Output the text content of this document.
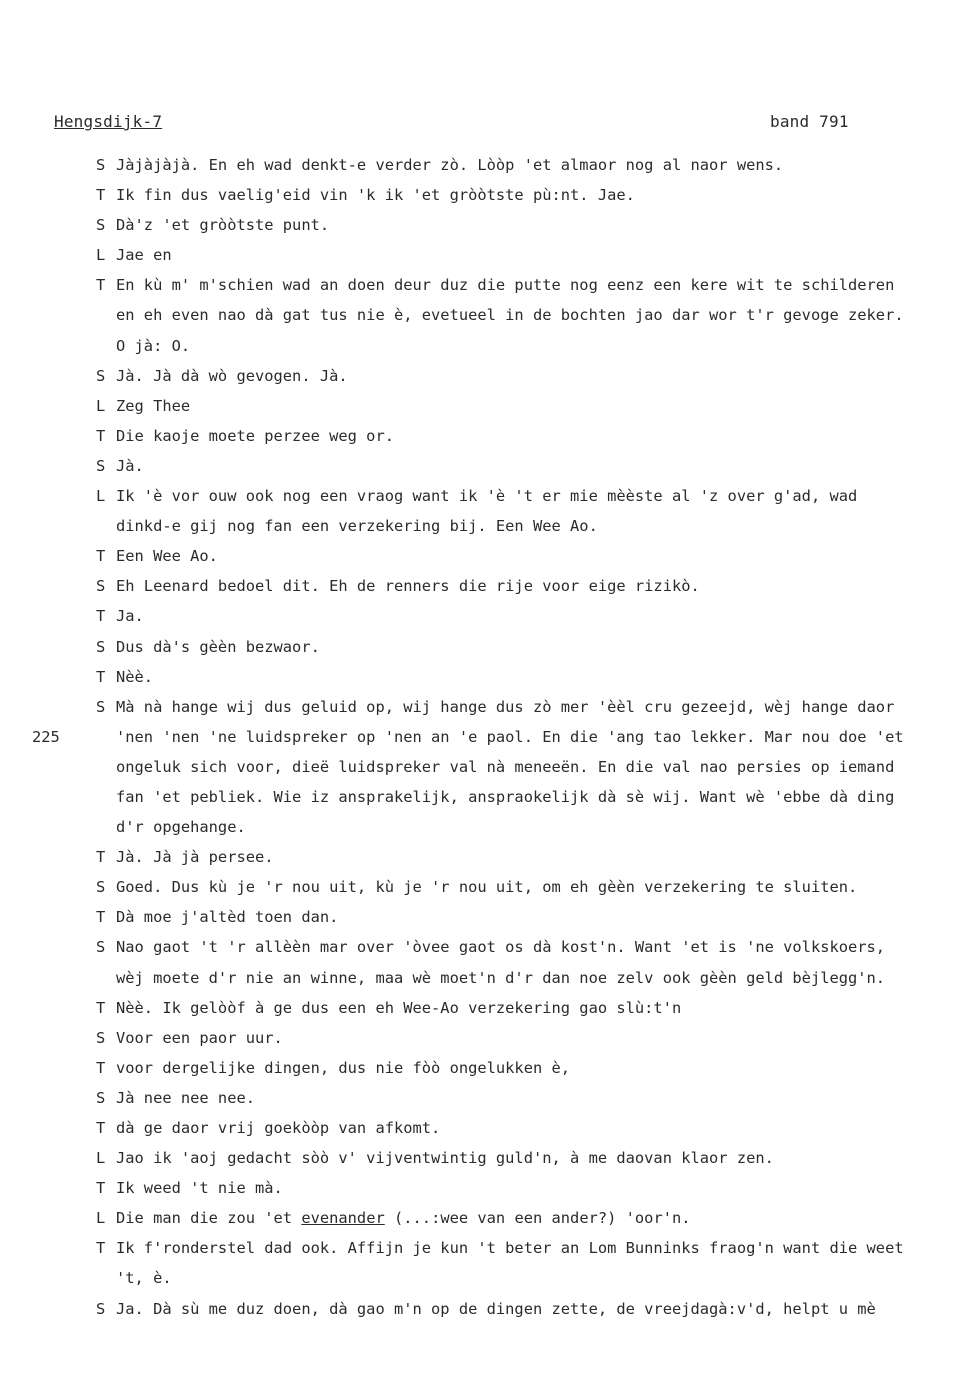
Hengsdijk-7	band 791
225
S Jàjàjàjà. En eh wad denkt-e verder zò. Lòòp 'et almaor nog al naor wens.
T Ik fin dus vaelig'eid vin 'k ik 'et gròòtste pù:nt. Jae.
S Dà'z 'et gròòtste punt.
L Jae en
T En kù m' m'schien wad an doen deur duz die putte nog eenz een kere wit te schilderen
en eh even nao dà gat tus nie è, evetueel in de bochten jao dar wor t'r gevoge zeker.
O jà: O.
S Jà. Jà dà wò gevogen. Jà.
L Zeg Thee
T Die kaoje moete perzee weg or.
S Jà.
L Ik 'è vor ouw ook nog een vraog want ik 'è 't er mie mèèste al 'z over g'ad, wad
dinkd-e gij nog fan een verzekering bij. Een Wee Ao.
T Een Wee Ao.
S Eh Leenard bedoel dit. Eh de renners die rije voor eige rizikò.
T Ja.
S Dus dà's gèèn bezwaor.
T Nèè.
S Mà nà hange wij dus geluid op, wij hange dus zò mer 'èèl cru gezeejd, wèj hange daor
'nen 'nen 'ne luidspreker op 'nen an 'e paol. En die 'ang tao lekker. Mar nou doe 'et
ongeluk sich voor, dieë luidspreker val nà meneeën. En die val nao persies op iemand
fan 'et pebliek. Wie iz ansprakelijk, anspraokelijk dà sè wij. Want wè 'ebbe dà ding
d'r opgehange.
T Jà. Jà jà persee.
S Goed. Dus kù je 'r nou uit, kù je 'r nou uit, om eh gèèn verzekering te sluiten.
T Dà moe j'altèd toen dan.
S Nao gaot 't 'r allèèn mar over 'òvee gaot os dà kost'n. Want 'et is 'ne volkskoers,
wèj moete d'r nie an winne, maa wè moet'n d'r dan noe zelv ook gèèn geld bèjlegg'n.
T Nèè. Ik gelòòf à ge dus een eh Wee-Ao verzekering gao slù:t'n
S Voor een paor uur.
T voor dergelijke dingen, dus nie fòò ongelukken è,
S Jà nee nee nee.
T dà ge daor vrij goekòòp van afkomt.
L Jao ik 'aoj gedacht sòò v' vijventwintig guld'n, à me daovan klaor zen.
T Ik weed 't nie mà.
L Die man die zou 'et evenander (...:wee van een ander?) 'oor'n.
T Ik f'ronderstel dad ook. Affijn je kun 't beter an Lom Bunninks fraog'n want die weet
't, è.
S Ja. Dà sù me duz doen, dà gao m'n op de dingen zette, de vreejdagà:v'd, helpt u mè
